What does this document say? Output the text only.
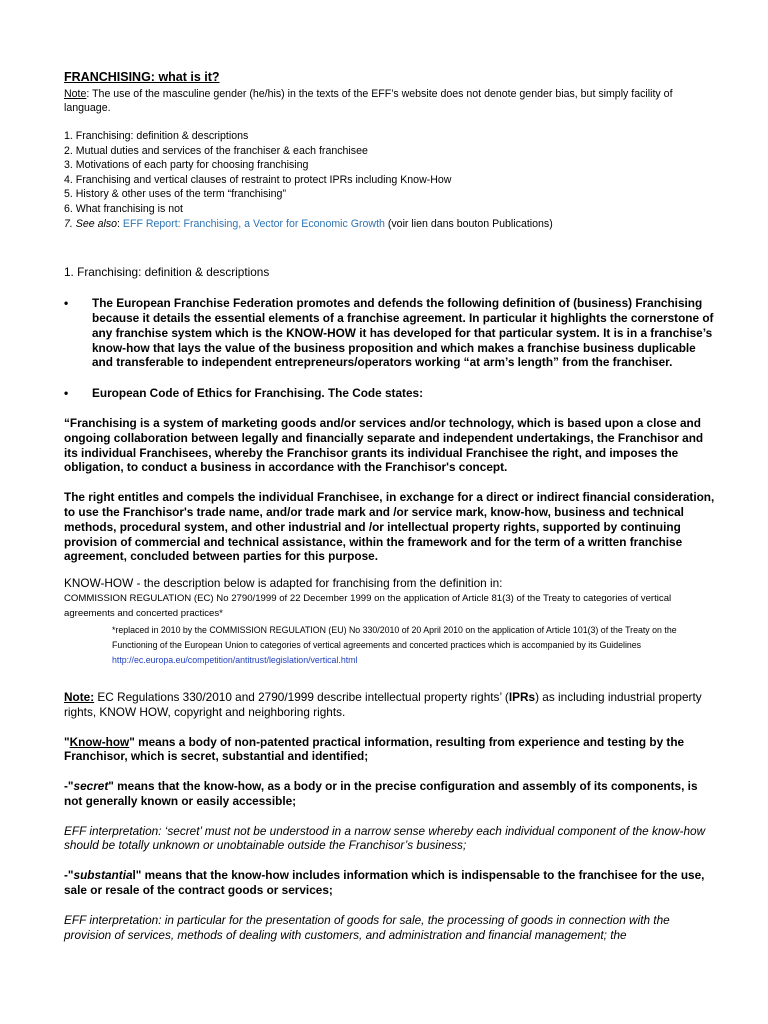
FRANCHISING: what is it?

Note: The use of the masculine gender (he/his) in the texts of the EFF’s website does not denote gender bias, but simply facility of language.

1. Franchising: definition & descriptions
2. Mutual duties and services of the franchiser & each franchisee
3. Motivations of each party for choosing franchising
4. Franchising and vertical clauses of restraint to protect IPRs including Know-How
5. History & other uses of the term “franchising”
6. What franchising is not
7. See also: EFF Report: Franchising, a Vector for Economic Growth (voir lien dans bouton Publications)

1. Franchising: definition & descriptions

•	The European Franchise Federation promotes and defends the following definition of (business) Franchising because it details the essential elements of a franchise agreement. In particular it highlights the cornerstone of any franchise system which is the KNOW-HOW it has developed for that particular system. It is in a franchise’s know-how that lays the value of the business proposition and which makes a franchise business duplicable and transferable to independent entrepreneurs/operators working “at arm’s length” from the franchiser.
•	European Code of Ethics for Franchising. The Code states:

“Franchising is a system of marketing goods and/or services and/or technology, which is based upon a close and ongoing collaboration between legally and financially separate and independent undertakings, the Franchisor and its individual Franchisees, whereby the Franchisor grants its individual Franchisee the right, and imposes the obligation, to conduct a business in accordance with the Franchisor's concept.

The right entitles and compels the individual Franchisee, in exchange for a direct or indirect financial consideration, to use the Franchisor's trade name, and/or trade mark and /or service mark, know-how, business and technical methods, procedural system, and other industrial and /or intellectual property rights, supported by continuing provision of commercial and technical assistance, within the framework and for the term of a written franchise agreement, concluded between parties for this purpose.

KNOW-HOW - the description below is adapted for franchising from the definition in:

COMMISSION REGULATION (EC) No 2790/1999 of 22 December 1999 on the application of Article 81(3) of the Treaty to categories of vertical agreements and concerted practices*

*replaced in 2010 by the COMMISSION REGULATION (EU) No 330/2010 of 20 April 2010 on the application of Article 101(3) of the Treaty on the Functioning of the European Union to categories of vertical agreements and concerted practices which is accompanied by its Guidelines http://ec.europa.eu/competition/antitrust/legislation/vertical.html

Note: EC Regulations 330/2010 and 2790/1999 describe intellectual property rights’ (IPRs) as including industrial property rights, KNOW HOW, copyright and neighboring rights.

"Know-how" means a body of non-patented practical information, resulting from experience and testing by the Franchisor, which is secret, substantial and identified;

-"secret" means that the know-how, as a body or in the precise configuration and assembly of its components, is not generally known or easily accessible;

EFF interpretation: ‘secret’ must not be understood in a narrow sense whereby each individual component of the know-how should be totally unknown or unobtainable outside the Franchisor’s business;

-"substantial" means that the know-how includes information which is indispensable to the franchisee for the use, sale or resale of the contract goods or services;

EFF interpretation: in particular for the presentation of goods for sale, the processing of goods in connection with the provision of services, methods of dealing with customers, and administration and financial management; the
